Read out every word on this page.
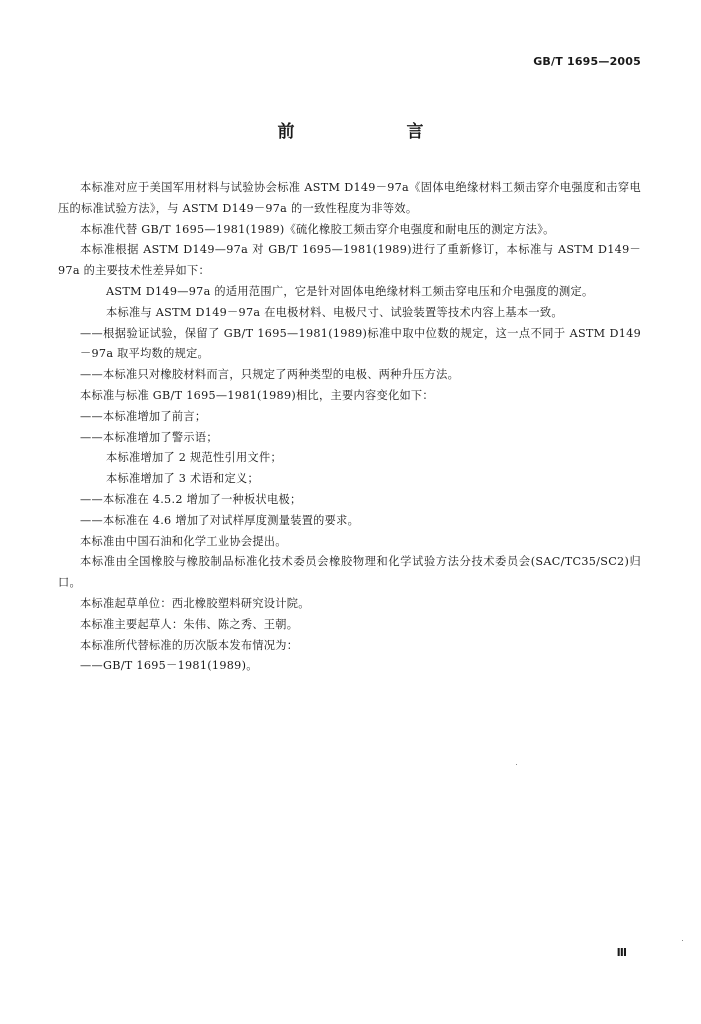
GB/T 1695—2005
前　　言

本标准对应于美国军用材料与试验协会标准 ASTM D149－97a《固体电绝缘材料工频击穿介电强度和击穿电压的标准试验方法》，与 ASTM D149－97a 的一致性程度为非等效。

本标准代替 GB/T 1695—1981(1989)《硫化橡胶工频击穿介电强度和耐电压的测定方法》。

本标准根据 ASTM D149—97a 对 GB/T 1695—1981(1989)进行了重新修订，本标准与 ASTM D149－97a 的主要技术性差异如下：

ASTM D149—97a 的适用范围广，它是针对固体电绝缘材料工频击穿电压和介电强度的测定。

本标准与 ASTM D149－97a 在电极材料、电极尺寸、试验装置等技术内容上基本一致。

——根据验证试验，保留了 GB/T 1695—1981(1989)标准中取中位数的规定，这一点不同于 ASTM D149－97a 取平均数的规定。

——本标准只对橡胶材料而言，只规定了两种类型的电极、两种升压方法。

本标准与标准 GB/T 1695—1981(1989)相比，主要内容变化如下：

——本标准增加了前言；

——本标准增加了警示语；

本标准增加了 2 规范性引用文件；

本标准增加了 3 术语和定义；

——本标准在 4.5.2 增加了一种板状电极；

——本标准在 4.6 增加了对试样厚度测量装置的要求。

本标准由中国石油和化学工业协会提出。

本标准由全国橡胶与橡胶制品标准化技术委员会橡胶物理和化学试验方法分技术委员会(SAC/TC35/SC2)归口。

本标准起草单位：西北橡胶塑料研究设计院。

本标准主要起草人：朱伟、陈之秀、王朝。

本标准所代替标准的历次版本发布情况为：

——GB/T 1695－1981(1989)。

Ⅲ
